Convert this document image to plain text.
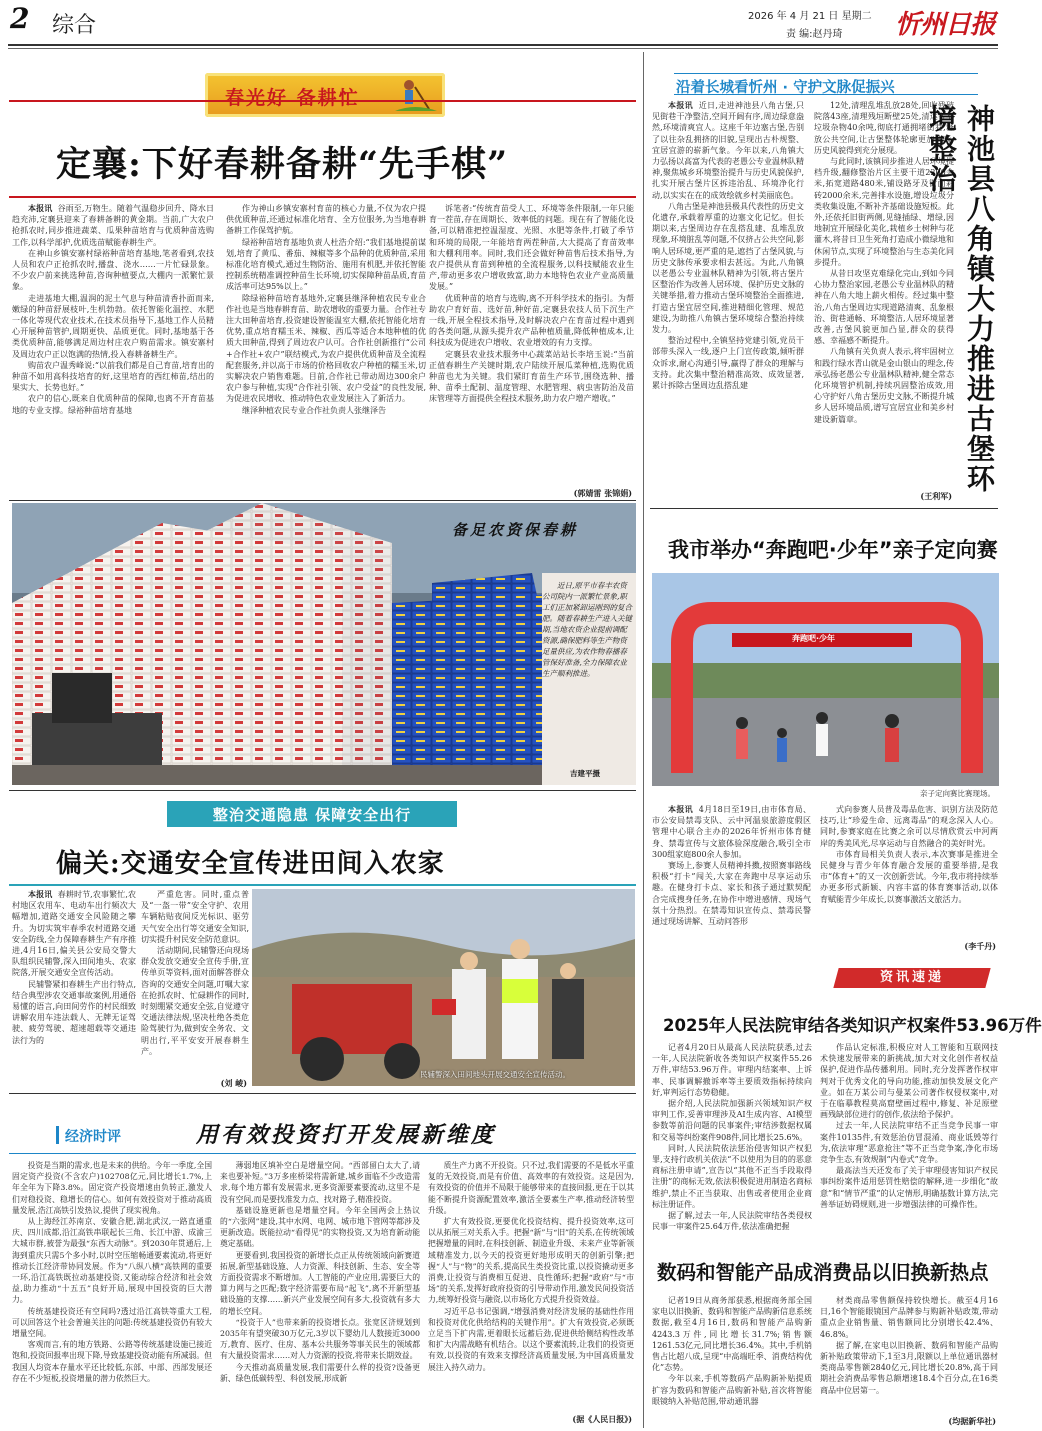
2 综合	2026 年 4 月 21 日 星期二
责 编:赵丹琦 忻州日报
春光好 备耕忙
定襄:下好春耕备耕“先手棋”

本报讯 谷雨至,万物生。随着气温稳步回升、降水日趋充沛,定襄县迎来了春耕备耕的黄金期。当前,广大农户抢抓农时,同步推进蔬菜、瓜果种苗培育与优质种苗选购工作,以科学部护,优质选苗赋能春耕生产。

在神山乡镇安寨村绿裕种苗培育基地,笔者看到,农技人员和农户正抢抓农时,播盘、浇水……一片忙碌景象。不少农户前来挑选种苗,咨询种植要点,大棚内一派繁忙景象。

走进基地大棚,温润的泥土气息与种苗清香扑面而来,嫩绿的种苗舒展枝叶,生机勃勃。依托智能化温控、水肥一体化等现代农业技术,在技术员指导下,基地工作人员精心开展种苗管护,周期更快、品质更优。同时,基地基于各类优质种苗,能够满足周边村庄农户购苗需求。镇安寨村及周边农户正以饱满的热情,投入春耕备耕生产。

购苗农户温秀峰说:“以前我们都是自己育苗,培育出的种苗不如用高科技培育的好,这里培育的西红柿苗,结出的果实大、长势也好。”

农户的信心,既来自优质种苗的保障,也离不开育苗基地的专业支撑。绿裕种苗培育基地

作为神山乡镇安寨村育苗的核心力量,不仅为农户提供优质种苗,还通过标准化培育、全方位服务,为当地春耕备耕工作保驾护航。

绿裕种苗培育基地负责人杜浩介绍:“我们基地提前谋划,培育了黄瓜、番茄、辣椒等多个品种的优质种苗,采用标准化培育模式,通过生物防治、施用有机肥,并依托智能控制系统精准调控种苗生长环境,切实保障种苗品质,育苗成活率可达95%以上。”

除绿裕种苗培育基地外,定襄县继泽种植农民专业合作社也是当地春耕育苗、助农增收的重要力量。合作社专注大田种苗培育,投资建设智能温室大棚,依托智能化培育优势,重点培育糯玉米、辣椒、西瓜等适合本地种植的优质大田种苗,得到了周边农户认可。合作社创新推行“公司+合作社+农户”联结模式,为农户提供优质种苗及全流程配套服务,并以高于市场的价格回收农户种植的糯玉米,切实解决农户销售难题。目前,合作社已带动周边300余户农户参与种植,实现“合作社引领、农户受益”的良性发展,为促进农民增收、推动特色农业发展注入了新活力。

继泽种植农民专业合作社负责人张继泽告

诉笔者:“传统育苗受人工、环境等条件限制,一年只能育一茬苗,存在周期长、效率低的问题。现在有了智能化设备,可以精准把控温湿度、光照、水肥等条件,打破了季节和环境的局限,一年能培育两茬种苗,大大提高了育苗效率和大棚利用率。同时,我们还会做好种苗售后技术指导,为农户提供从育苗到种植的全流程服务,以科技赋能农业生产,带动更多农户增收致富,助力本地特色农业产业高质量发展。”

优质种苗的培育与选购,离不开科学技术的指引。为帮助农户育好苗、选好苗,种好苗,定襄县农技人员下沉生产一线,开展全程技术指导,及时解决农户在育苗过程中遇到的各类问题,从源头提升农产品种植质量,降低种植成本,让科技成为促进农户增收、农业增效的有力支撑。

定襄县农业技术服务中心蔬菜站站长李培玉说:“当前正值春耕生产关键时期,农户陆续开展瓜菜种植,选购优质种苗也尤为关键。我们紧盯育苗生产环节,围绕选种、播种、苗季土配制、温度管理、水肥管理、病虫害防治及苗床管理等方面提供全程技术服务,助力农户增产增收。”

(郭婧雷 张锦娟)
备足农资保春耕
近日,原平市春丰农资公司院内一派繁忙景象,职工们正加紧卸运刚到的复合肥。随着春耕生产进入关键期,当地农资企业提前调配资源,确保肥料等生产物资足量供应,为农作物春播春管保好准备,全力保障农业生产顺利推进。
吉建平摄
沿着长城看忻州 · 守护文脉促振兴

本报讯 近日,走进神池县八角古堡,只见街巷干净整洁,空间开阔有序,周边绿意盎然,环境清爽宜人。这座千年边塞古堡,告别了以往杂乱拥挤的旧貌,呈现出古朴规整、宜居宜游的崭新气象。今年以来,八角镇大力弘扬以高富为代表的老愚公专业温林队精神,聚焦城乡环境整治提升与历史风貌保护,扎实开展古堡片区拆违治乱、环境净化行动,以实实在在的成效绘就乡村美丽底色。

八角古堡是神池县极具代表性的历史文化遗存,承载着厚重的边塞文化记忆。但长期以来,古堡周边存在乱搭乱建、乱堆乱放现象,环境脏乱等问题,不仅挤占公共空间,影响人居环境,更严重的是,遮挡了古堡风貌,与历史文脉传承要求相去甚远。为此,八角镇以老愚公专业温林队精神为引领,将古堡片区整治作为改善人居环境、保护历史文脉的关键举措,着力推动古堡环境整治全面推进,打造古堡宜居空间,推进精细化管理、规范建设,为助推八角镇古堡环境综合整治持续发力。

整治过程中,全镇坚持党建引领,党员干部带头深入一线,逐户上门宣传政策,倾听群众诉求,耐心沟通引导,赢得了群众的理解与支持。此次集中整治精准高效、成效显著,累计拆除古堡周边乱搭乱建

12处,清理乱堆乱放28处,回收残破院落43座,清理残垣断壁25处,清运各类垃圾杂物40余吨,彻底打通拥堵街巷,释放公共空间,让古堡整体轮廓更加清晰,历史风貌得到充分展现。

与此同时,该镇同步推进人居环境提档升级,翻修整治片区主要干道2200余米,拓宽道路480米,铺设路牙及街面彩砖2000余米,完善排水设施,增设垃圾分类收集设施,不断补齐基础设施短板。此外,还依托旧街两侧,见缝插绿、增绿,因地制宜开展绿化美化,栽植乡土树种与花灌木,将昔日卫生死角打造成小微绿地和休闲节点,实现了环境整治与生态美化同步提升。

从昔日攻坚克难绿化完山,到如今同心协力整治家园,老愚公专业温林队的精神在八角大地上薪火相传。经过集中整治,八角古堡周边实现道路清爽、乱象根治、街巷通畅、环境整洁,人居环境显著改善,古堡风貌更加凸显,群众的获得感、幸福感不断提升。

八角镇有关负责人表示,将牢固树立和践行绿水青山就是金山银山的理念,传承弘扬老愚公专业温林队精神,健全常态化环境管护机制,持续巩固整治成效,用心守护好八角古堡历史文脉,不断提升城乡人居环境品质,谱写宜居宜业和美乡村建设新篇章。

(王利军)
神池县八角镇大力推进古堡环境整治
我市举办“奔跑吧·少年”亲子定向赛
奔跑吧·少年
亲子定向赛比赛现场。

本报讯 4月18日至19日,由市体育局、市公安局禁毒支队、云中河温泉旅游度假区管理中心联合主办的2026年忻州市体育健身、禁毒宣传与文旅体验深度融合,吸引全市300组家庭800余人参加。

赛场上,参赛人员精神抖擞,按照赛事路线积极“打卡”闯关,大家在奔跑中尽享运动乐趣。在健身打卡点、家长和孩子通过默契配合完成搜身任务,在协作中增进感情、现场气氛十分热烈。在禁毒知识宣传点、禁毒民警通过现场讲解、互动问答形

式向参赛人员普及毒品危害、识别方法及防范技巧,让“珍爱生命、远离毒品”的观念深入人心。同时,参赛家庭在比赛之余可以尽情欣赏云中河两岸的秀美风光,尽享运动与自然融合的美好时光。

市体育局相关负责人表示,本次赛事是推进全民健身与青少年体育融合发展的重要举措,是我市“体育+”的又一次创新尝试。今年,我市将持续举办更多形式新颖、内容丰富的体育赛事活动,以体育赋能青少年成长,以赛事激活文旅活力。

(李千丹)
资讯速递
2025年人民法院审结各类知识产权案件53.96万件

记者4月20日从最高人民法院获悉,过去一年,人民法院新收各类知识产权案件55.26万件,审结53.96万件。审理内结案率、上诉率、民事调解撤诉率等主要质效指标持续向好,审判运行态势稳健。

据介绍,人民法院加强新兴领域知识产权审判工作,妥善审理涉及AI生成内容、AI模型参数等前沿问题的民事案件;审结涉数据权属和交易等纠纷案件908件,同比增长25.6%。

同时,人民法院依法惩治侵害知识产权犯罪,支持行政机关依法“不以使用为目的的恶意商标注册申请”,宣告以“其他不正当手段取得注册”的商标无效,依法积极促进用制造名商标维护,禁止不正当获取、出售或者使用企业商标注册证件。

据了解,过去一年,人民法院审结各类侵权民事一审案件25.64万件,依法准确把握

作品认定标准,积极应对人工智能和互联网技术快速发展带来的新挑战,加大对文化创作者权益保护,促进作品传播利用。同时,充分发挥著作权审判对于优秀文化的导向功能,推动加快发展文化产业。如在万某公司与曼某公司著作权侵权案中,对于在临摹教程莫高窟壁画过程中,修复、补足原壁画残缺部位进行的创作,依法给予保护。

过去一年,人民法院审结不正当竞争民事一审案件10135件,有效惩治仿冒混淆、商业诋毁等行为,依法审理“恶意抢注”等不正当竞争案,净化市场竞争生态,有效规制“内卷式”竞争。

最高法当天还发布了关于审理侵害知识产权民事纠纷案件适用惩罚性赔偿的解释,进一步细化“故意”和“情节严重”的认定情形,明确基数计算方法,完善举证妨碍规则,进一步增强法律的可操作性。

数码和智能产品成消费品以旧换新热点

记者19日从商务部获悉,根据商务部全国家电以旧换新、数码和智能产品购新信息系统数据,截至4月16日,数码和智能产品购新4243.3万件,同比增长31.7%;销售额1261.53亿元,同比增长36.4%。其中,手机销售占比超八成,呈现“中高端旺季、消费结构优化”态势。

今年以来,手机等数码产品购新补贴提质扩容为数码和智能产品购新补贴,首次将智能眼镜纳入补贴范围,带动通讯器

材类商品零售额保持较快增长。截至4月16日,16个智能眼镜国产品牌参与购新补贴政策,带动重点企业销售量、销售额同比分别增长42.4%、46.8%。

据了解,在家电以旧换新、数码和智能产品购新补贴政策带动下,1至3月,限额以上单位通讯器材类商品零售额2840亿元,同比增长20.8%,高于同期社会消费品零售总额增速18.4个百分点,在16类商品中位居第一。

(均据新华社)
整治交通隐患 保障安全出行
偏关:交通安全宣传进田间入农家

本报讯 春耕时节,农事繁忙,农村地区农用车、电动车出行频次大幅增加,道路交通安全风险随之攀升。为切实筑牢春季农村道路交通安全防线,全力保障春耕生产有序推进,4月16日,偏关县公安局交警大队组织民辅警,深入田间地头、农家院落,开展交通安全宣传活动。

民辅警紧扣春耕生产出行特点,结合典型涉农交通事故案例,用通俗易懂的语言,向田间劳作的村民细致讲解农用车违法载人、无牌无证驾驶、疲劳驾驶、超速超载等交通违法行为的

严重危害。同时,重点普及“一盔一带”安全守护、农用车辆粘贴夜间反光标识、驱劳天气安全出行等交通安全知识,切实提升村民安全防范意识。

活动期间,民辅警还向现场群众发放交通安全宣传手册,宣传单页等资料,面对面解答群众咨询的交通安全问题,叮嘱大家在抢抓农时、忙碌耕作的同时,时刻绷紧交通安全弦,自觉遵守交通法律法规,坚决杜绝各类危险驾驶行为,做到安全务农、文明出行,平平安安开展春耕生产。

(刘 崚)
民辅警深入田间地头开展交通安全宣传活动。
经济时评	用有效投资打开发展新维度

投资是当期的需求,也是未来的供给。今年一季度,全国固定资产投资(不含农户)102708亿元,同比增长1.7%,上年全年为下降3.8%。固定资产投资增速由负转正,激发人们对稳投资、稳增长的信心。如何有效投资对于推动高质量发展,浩江高铁引发热议,提供了现实视角。

从上海经江苏南京、安徽合肥,湖北武汉,一路直通重庆、四川成都,沿江高铁串联起长三角、长江中游、成渝三大城市群,被誉为最强“东西大动脉”。到2030年贯通后,上海到重庆只需5个多小时,以时空压缩畅通要素流动,将更好推动长江经济带协同发展。作为“八纵八横”高铁网的重要一环,沿江高铁既拉动基建投资,又能动综合经济和社会效益,助力推动“十五五”良好开局,展现中国投资的巨大潜力。

传统基建投资还有空间吗?透过沿江高铁等重大工程,可以回答这个社会普遍关注的问题:传统基建投资仍有较大增量空间。

客观而言,有的地方铁路、公路等传统基建设施已接近饱和,投资回报率出现下降,导致基建投资动能有所减弱。但我国人均资本存量水平还比较低,东部、中部、西部发展还存在不少短板,投资增量的潜力依然巨大。

薄弱地区填补空白是增量空间。“西部留白太大了,请来也要补短。”3万多座桥梁将需新建,城乡面临不少改造需求,每个地方都有发展需求,更多资源要素要流动,这里不是没有空间,而是要找准发力点、找对路子,精准投资。

基础设施更新也是增量空间。今年全国两会上热议的“六张网”建设,其中水网、电网、城市地下管网等都涉及更新改造。既能拉动“看得见”的实物投资,又为培育新动能奠定基础。

更要看到,我国投资的新增长点正从传统领域向新赛道拓展,新型基础设施、人力资源、科技创新、生态、安全等方面投资需求不断增加。人工智能的产业应用,需要巨大的算力网与之匹配;数字经济需要布局“起飞”,离不开新型基础设施的支撑……新兴产业发展空间有多大,投资就有多大的增长空间。

“投资于人”也带来新的投资增长点。张宽区济规划到2035年有望突破30万亿元,3岁以下婴幼儿人数接近3000万,教育、医疗、住房、基本公共服务等事关民生的领域都有大量投资需求……对人力资源的投资,将带来长期效益。

今天推动高质量发展,我们需要什么样的投资?设备更新、绿色低碳转型、科创发展,形成新

质生产力离不开投资。只不过,我们需要的不是低水平重复的无效投资,而是有价值、高效率的有效投资。这是因为,有效投资的价值并不局限于能够带来的直接回报,更在于以其能不断提升资源配置效率,激活全要素生产率,推动经济转型升级。

扩大有效投资,更要优化投资结构、提升投资效率,这可以从拓展三对关系入手。把握“新”与“旧”的关系,在传统领域把握增量的同时,在科技创新、制造业升级、未来产业等新领域精准发力,以今天的投资更好地形成明天的创新引擎;把握“人”与“物”的关系,提高民生类投资比重,以投资撬动更多消费,让投资与消费相互促进、良性循环;把握“政府”与“市场”的关系,发挥好政府投资的引导带动作用,激发民间投资活力,统筹好投资与融资,以市场化方式提升投资效益。

习近平总书记强调,“增强消费对经济发展的基础性作用和投资对优化供给结构的关键作用”。扩大有效投资,必须既立足当下扩内需,更着眼长远蓄后劲,促进供给侧结构性改革和扩大内需战略有机结合。以这个要素流转,让我们的投资更有效,以投资的有效来支撑经济高质量发展,为中国高质量发展注入持久动力。

(据《人民日报》)
